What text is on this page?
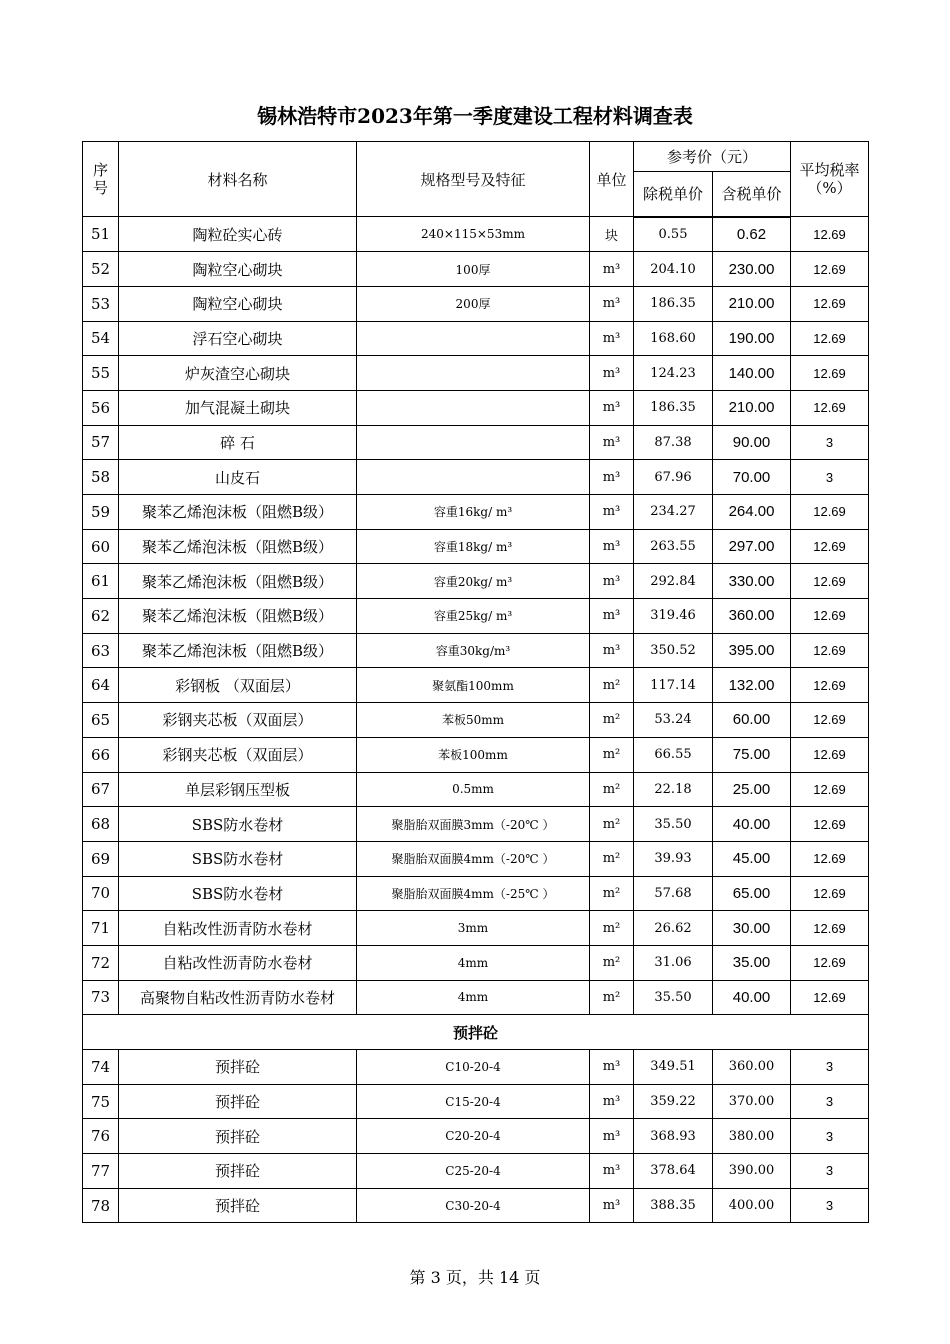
锡林浩特市2023年第一季度建设工程材料调查表
序
号	材料名称	规格型号及特征	单位	参考价（元）		平均税率
（%）
				除税单价	含税单价	
51	陶粒砼实心砖	240×115×53mm	块	0.55	0.62	12.69
52	陶粒空心砌块	100厚	m³	204.10	230.00	12.69
53	陶粒空心砌块	200厚	m³	186.35	210.00	12.69
54	浮石空心砌块		m³	168.60	190.00	12.69
55	炉灰渣空心砌块		m³	124.23	140.00	12.69
56	加气混凝土砌块		m³	186.35	210.00	12.69
57	碎 石		m³	87.38	90.00	3
58	山皮石		m³	67.96	70.00	3
59	聚苯乙烯泡沫板（阻燃B级）	容重16kg/ m³	m³	234.27	264.00	12.69
60	聚苯乙烯泡沫板（阻燃B级）	容重18kg/ m³	m³	263.55	297.00	12.69
61	聚苯乙烯泡沫板（阻燃B级）	容重20kg/ m³	m³	292.84	330.00	12.69
62	聚苯乙烯泡沫板（阻燃B级）	容重25kg/ m³	m³	319.46	360.00	12.69
63	聚苯乙烯泡沫板（阻燃B级）	容重30kg/m³	m³	350.52	395.00	12.69
64	彩钢板 （双面层）	聚氨酯100mm	m²	117.14	132.00	12.69
65	彩钢夹芯板（双面层）	苯板50mm	m²	53.24	60.00	12.69
66	彩钢夹芯板（双面层）	苯板100mm	m²	66.55	75.00	12.69
67	单层彩钢压型板	0.5mm	m²	22.18	25.00	12.69
68	SBS防水卷材	聚脂胎双面膜3mm（-20℃ ）	m²	35.50	40.00	12.69
69	SBS防水卷材	聚脂胎双面膜4mm（-20℃ ）	m²	39.93	45.00	12.69
70	SBS防水卷材	聚脂胎双面膜4mm（-25℃ ）	m²	57.68	65.00	12.69
71	自粘改性沥青防水卷材	3mm	m²	26.62	30.00	12.69
72	自粘改性沥青防水卷材	4mm	m²	31.06	35.00	12.69
73	高聚物自粘改性沥青防水卷材	4mm	m²	35.50	40.00	12.69
预拌砼						
74	预拌砼	C10-20-4	m³	349.51	360.00	3
75	预拌砼	C15-20-4	m³	359.22	370.00	3
76	预拌砼	C20-20-4	m³	368.93	380.00	3
77	预拌砼	C25-20-4	m³	378.64	390.00	3
78	预拌砼	C30-20-4	m³	388.35	400.00	3
第 3 页，共 14 页
